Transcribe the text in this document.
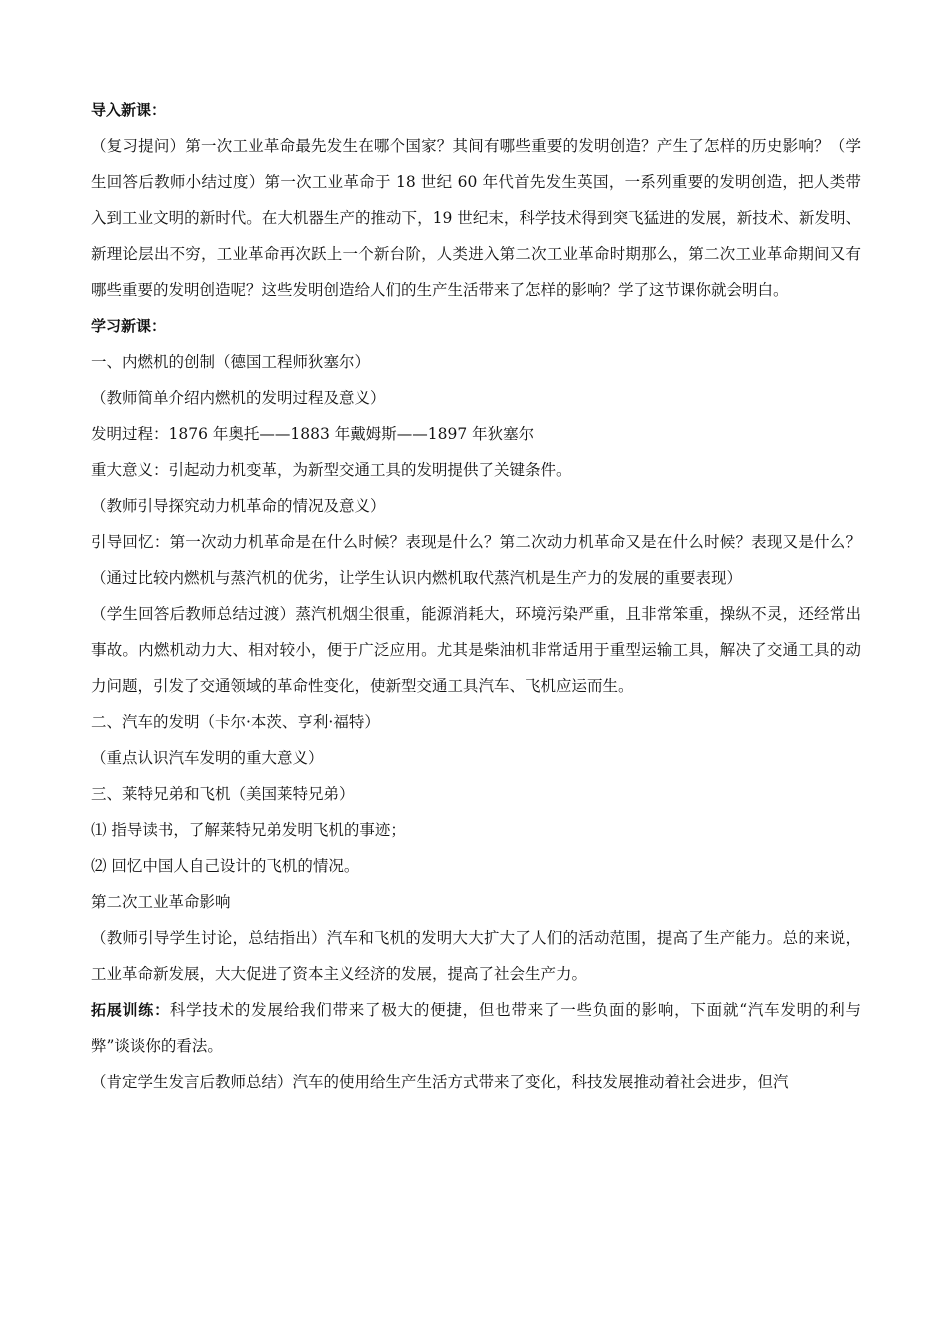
导入新课：

（复习提问）第一次工业革命最先发生在哪个国家？其间有哪些重要的发明创造？产生了怎样的历史影响？（学生回答后教师小结过度）第一次工业革命于 18 世纪 60 年代首先发生英国，一系列重要的发明创造，把人类带入到工业文明的新时代。在大机器生产的推动下，19 世纪末，科学技术得到突飞猛进的发展，新技术、新发明、新理论层出不穷，工业革命再次跃上一个新台阶，人类进入第二次工业革命时期那么，第二次工业革命期间又有哪些重要的发明创造呢？这些发明创造给人们的生产生活带来了怎样的影响？学了这节课你就会明白。

学习新课：

一、内燃机的创制（德国工程师狄塞尔）

（教师简单介绍内燃机的发明过程及意义）

发明过程：1876 年奥托——1883 年戴姆斯——1897 年狄塞尔

重大意义：引起动力机变革，为新型交通工具的发明提供了关键条件。

（教师引导探究动力机革命的情况及意义）

引导回忆：第一次动力机革命是在什么时候？表现是什么？第二次动力机革命又是在什么时候？表现又是什么？（通过比较内燃机与蒸汽机的优劣，让学生认识内燃机取代蒸汽机是生产力的发展的重要表现）

（学生回答后教师总结过渡）蒸汽机烟尘很重，能源消耗大，环境污染严重，且非常笨重，操纵不灵，还经常出事故。内燃机动力大、相对较小，便于广泛应用。尤其是柴油机非常适用于重型运输工具，解决了交通工具的动力问题，引发了交通领域的革命性变化，使新型交通工具汽车、飞机应运而生。

二、汽车的发明（卡尔·本茨、亨利·福特）

（重点认识汽车发明的重大意义）

三、莱特兄弟和飞机（美国莱特兄弟）

⑴ 指导读书，了解莱特兄弟发明飞机的事迹；

⑵ 回忆中国人自己设计的飞机的情况。

第二次工业革命影响

（教师引导学生讨论，总结指出）汽车和飞机的发明大大扩大了人们的活动范围，提高了生产能力。总的来说，工业革命新发展，大大促进了资本主义经济的发展，提高了社会生产力。

拓展训练：科学技术的发展给我们带来了极大的便捷，但也带来了一些负面的影响，下面就“汽车发明的利与弊”谈谈你的看法。

（肯定学生发言后教师总结）汽车的使用给生产生活方式带来了变化，科技发展推动着社会进步，但汽
